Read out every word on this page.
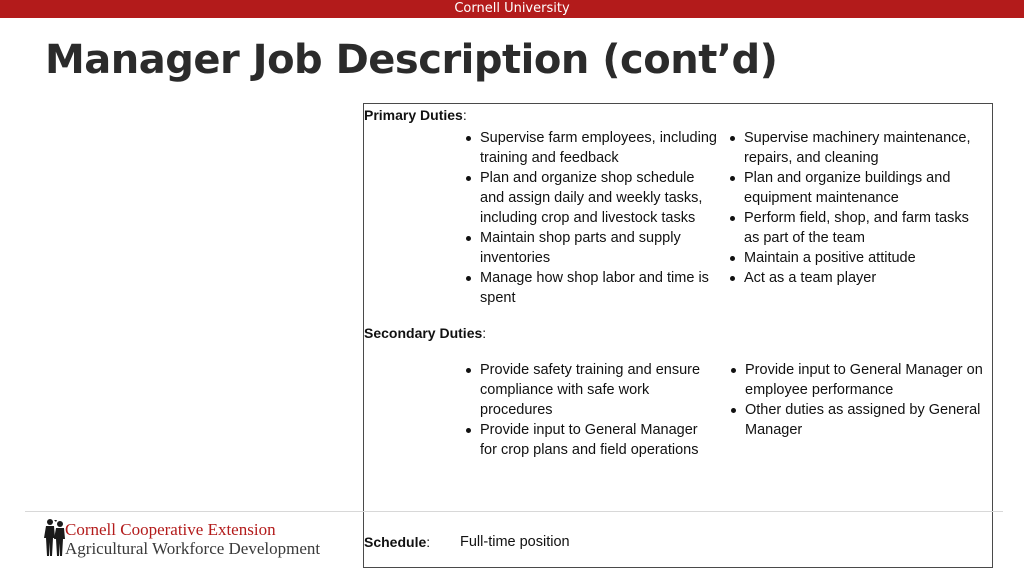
Cornell University
Manager Job Description (cont’d)
Primary Duties:
Supervise farm employees, including training and feedback
Plan and organize shop schedule and assign daily and weekly tasks, including crop and livestock tasks
Maintain shop parts and supply inventories
Manage how shop labor and time is spent
Supervise machinery maintenance, repairs, and cleaning
Plan and organize buildings and equipment maintenance
Perform field, shop, and farm tasks as part of the team
Maintain a positive attitude
Act as a team player
Secondary Duties:
Provide safety training and ensure compliance with safe work procedures
Provide input to General Manager for crop plans and field operations
Provide input to General Manager on employee performance
Other duties as assigned by General Manager
Schedule: Full-time position
Cornell Cooperative Extension
Agricultural Workforce Development
